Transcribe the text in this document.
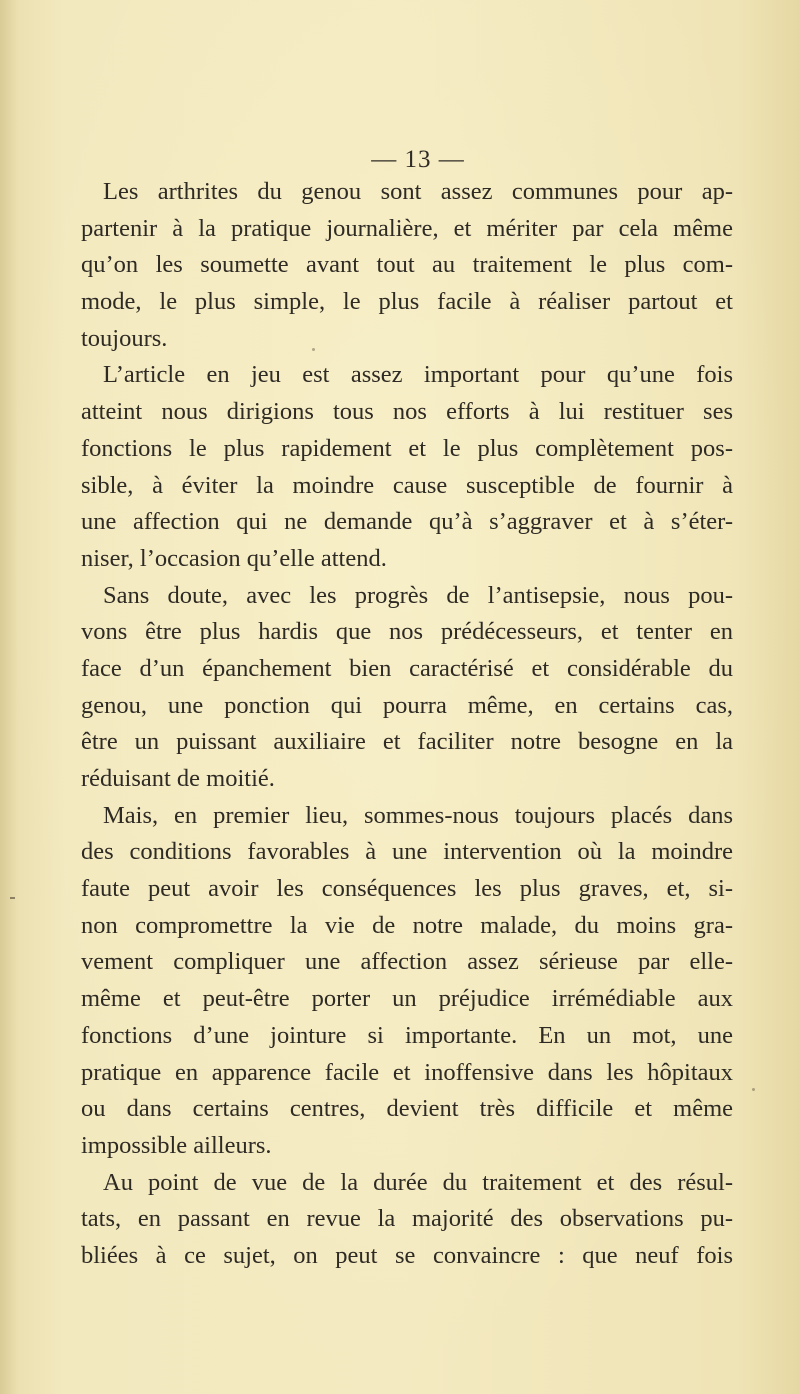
— 13 —
Les arthrites du genou sont assez communes pour ap-
partenir à la pratique journalière, et mériter par cela même
qu’on les soumette avant tout au traitement le plus com-
mode, le plus simple, le plus facile à réaliser partout et
toujours.
L’article en jeu est assez important pour qu’une fois
atteint nous dirigions tous nos efforts à lui restituer ses
fonctions le plus rapidement et le plus complètement pos-
sible, à éviter la moindre cause susceptible de fournir à
une affection qui ne demande qu’à s’aggraver et à s’éter-
niser, l’occasion qu’elle attend.
Sans doute, avec les progrès de l’antisepsie, nous pou-
vons être plus hardis que nos prédécesseurs, et tenter en
face d’un épanchement bien caractérisé et considérable du
genou, une ponction qui pourra même, en certains cas,
être un puissant auxiliaire et faciliter notre besogne en la
réduisant de moitié.
Mais, en premier lieu, sommes-nous toujours placés dans
des conditions favorables à une intervention où la moindre
faute peut avoir les conséquences les plus graves, et, si-
non compromettre la vie de notre malade, du moins gra-
vement compliquer une affection assez sérieuse par elle-
même et peut-être porter un préjudice irrémédiable aux
fonctions d’une jointure si importante. En un mot, une
pratique en apparence facile et inoffensive dans les hôpitaux
ou dans certains centres, devient très difficile et même
impossible ailleurs.
Au point de vue de la durée du traitement et des résul-
tats, en passant en revue la majorité des observations pu-
bliées à ce sujet, on peut se convaincre : que neuf fois
